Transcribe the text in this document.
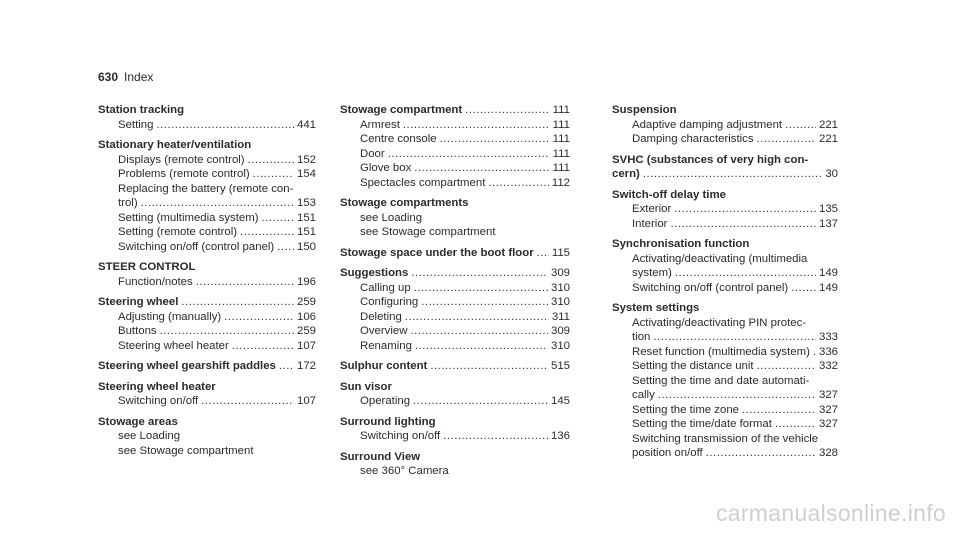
630 Index
Station tracking
Setting .....	441
Stationary heater/ventilation
Displays (remote control) .....	152
Problems (remote control) .....	154
Replacing the battery (remote con-
trol) .....	153
Setting (multimedia system) .....	151
Setting (remote control) .....	151
Switching on/off (control panel) ..... 150
STEER CONTROL
Function/notes .....	196
Steering wheel .....	259
Adjusting (manually) .....	106
Buttons .....	259
Steering wheel heater .....	107
Steering wheel gearshift paddles ..... 172
Steering wheel heater
Switching on/off .....	107
Stowage areas
see Loading
see Stowage compartment
Stowage compartment .....	111
Armrest .....	111
Centre console .....	111
Door .....	111
Glove box .....	111
Spectacles compartment .....	112
Stowage compartments
see Loading
see Stowage compartment
Stowage space under the boot floor ..... 115
Suggestions .....	309
Calling up .....	310
Configuring .....	310
Deleting .....	311
Overview .....	309
Renaming .....	310
Sulphur content .....	515
Sun visor
Operating .....	145
Surround lighting
Switching on/off .....	136
Surround View
see 360° Camera
Suspension
Adaptive damping adjustment .....	221
Damping characteristics .....	221
SVHC (substances of very high con-
cern) .....	30
Switch-off delay time
Exterior .....	135
Interior .....	137
Synchronisation function
Activating/deactivating (multimedia
system) .....	149
Switching on/off (control panel) .....	149
System settings
Activating/deactivating PIN protec-
tion .....	333
Reset function (multimedia system) ..... 336
Setting the distance unit .....	332
Setting the time and date automati-
cally .....	327
Setting the time zone .....	327
Setting the time/date format .....	327
Switching transmission of the vehicle
position on/off .....	328
carmanualsonline.info
